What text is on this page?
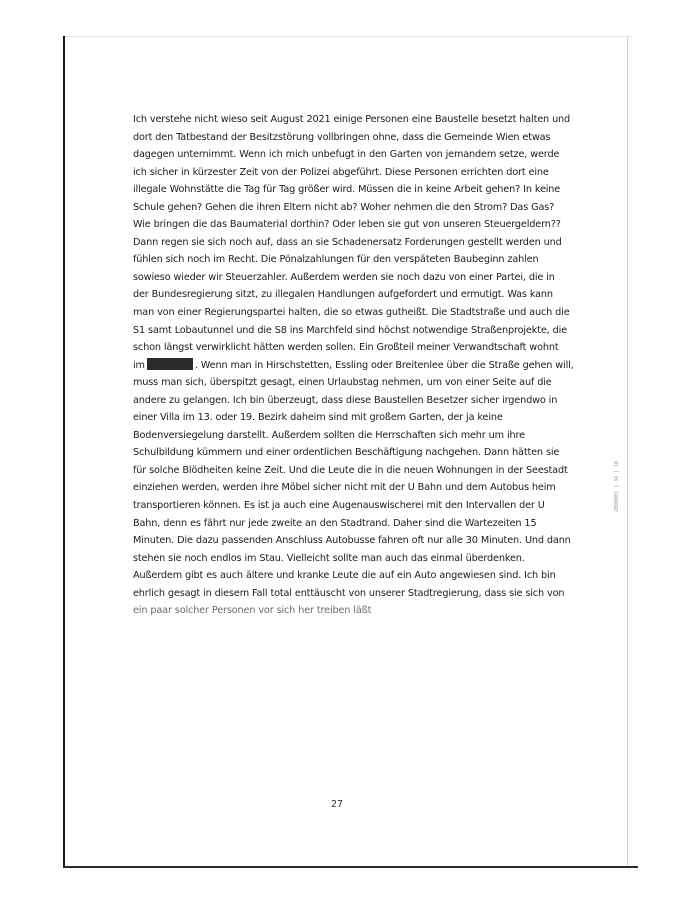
Ich verstehe nicht wieso seit August 2021 einige Personen eine Baustelle besetzt halten und
dort den Tatbestand der Besitzstörung vollbringen ohne, dass die Gemeinde Wien etwas
dagegen unternimmt. Wenn ich mich unbefugt in den Garten von jemandem setze, werde
ich sicher in kürzester Zeit von der Polizei abgeführt. Diese Personen errichten dort eine
illegale Wohnstätte die Tag für Tag größer wird. Müssen die in keine Arbeit gehen? In keine
Schule gehen? Gehen die ihren Eltern nicht ab? Woher nehmen die den Strom? Das Gas?
Wie bringen die das Baumaterial dorthin? Oder leben sie gut von unseren Steuergeldern??
Dann regen sie sich noch auf, dass an sie Schadenersatz Forderungen gestellt werden und
fühlen sich noch im Recht. Die Pönalzahlungen für den verspäteten Baubeginn zahlen
sowieso wieder wir Steuerzahler. Außerdem werden sie noch dazu von einer Partei, die in
der Bundesregierung sitzt, zu illegalen Handlungen aufgefordert und ermutigt. Was kann
man von einer Regierungspartei halten, die so etwas gutheißt. Die Stadtstraße und auch die
S1 samt Lobautunnel und die S8 ins Marchfeld sind höchst notwendige Straßenprojekte, die
schon längst verwirklicht hätten werden sollen. Ein Großteil meiner Verwandtschaft wohnt
im	. Wenn man in Hirschstetten, Essling oder Breitenlee über die Straße gehen will,
muss man sich, überspitzt gesagt, einen Urlaubstag nehmen, um von einer Seite auf die
andere zu gelangen. Ich bin überzeugt, dass diese Baustellen Besetzer sicher irgendwo in
einer Villa im 13. oder 19. Bezirk daheim sind mit großem Garten, der ja keine
Bodenversiegelung darstellt. Außerdem sollten die Herrschaften sich mehr um ihre
Schulbildung kümmern und einer ordentlichen Beschäftigung nachgehen. Dann hätten sie
für solche Blödheiten keine Zeit. Und die Leute die in die neuen Wohnungen in der Seestadt
einziehen werden, werden ihre Möbel sicher nicht mit der U Bahn und dem Autobus heim
transportieren können. Es ist ja auch eine Augenauswischerei mit den Intervallen der U
Bahn, denn es fährt nur jede zweite an den Stadtrand. Daher sind die Wartezeiten 15
Minuten. Die dazu passenden Anschluss Autobusse fahren oft nur alle 30 Minuten. Und dann
stehen sie noch endlos im Stau. Vielleicht sollte man auch das einmal überdenken.
Außerdem gibt es auch ältere und kranke Leute die auf ein Auto angewiesen sind. Ich bin
ehrlich gesagt in diesem Fall total enttäuscht von unserer Stadtregierung, dass sie sich von
ein paar solcher Personen vor sich her treiben läßt
27
2080001 | 34 | 10
